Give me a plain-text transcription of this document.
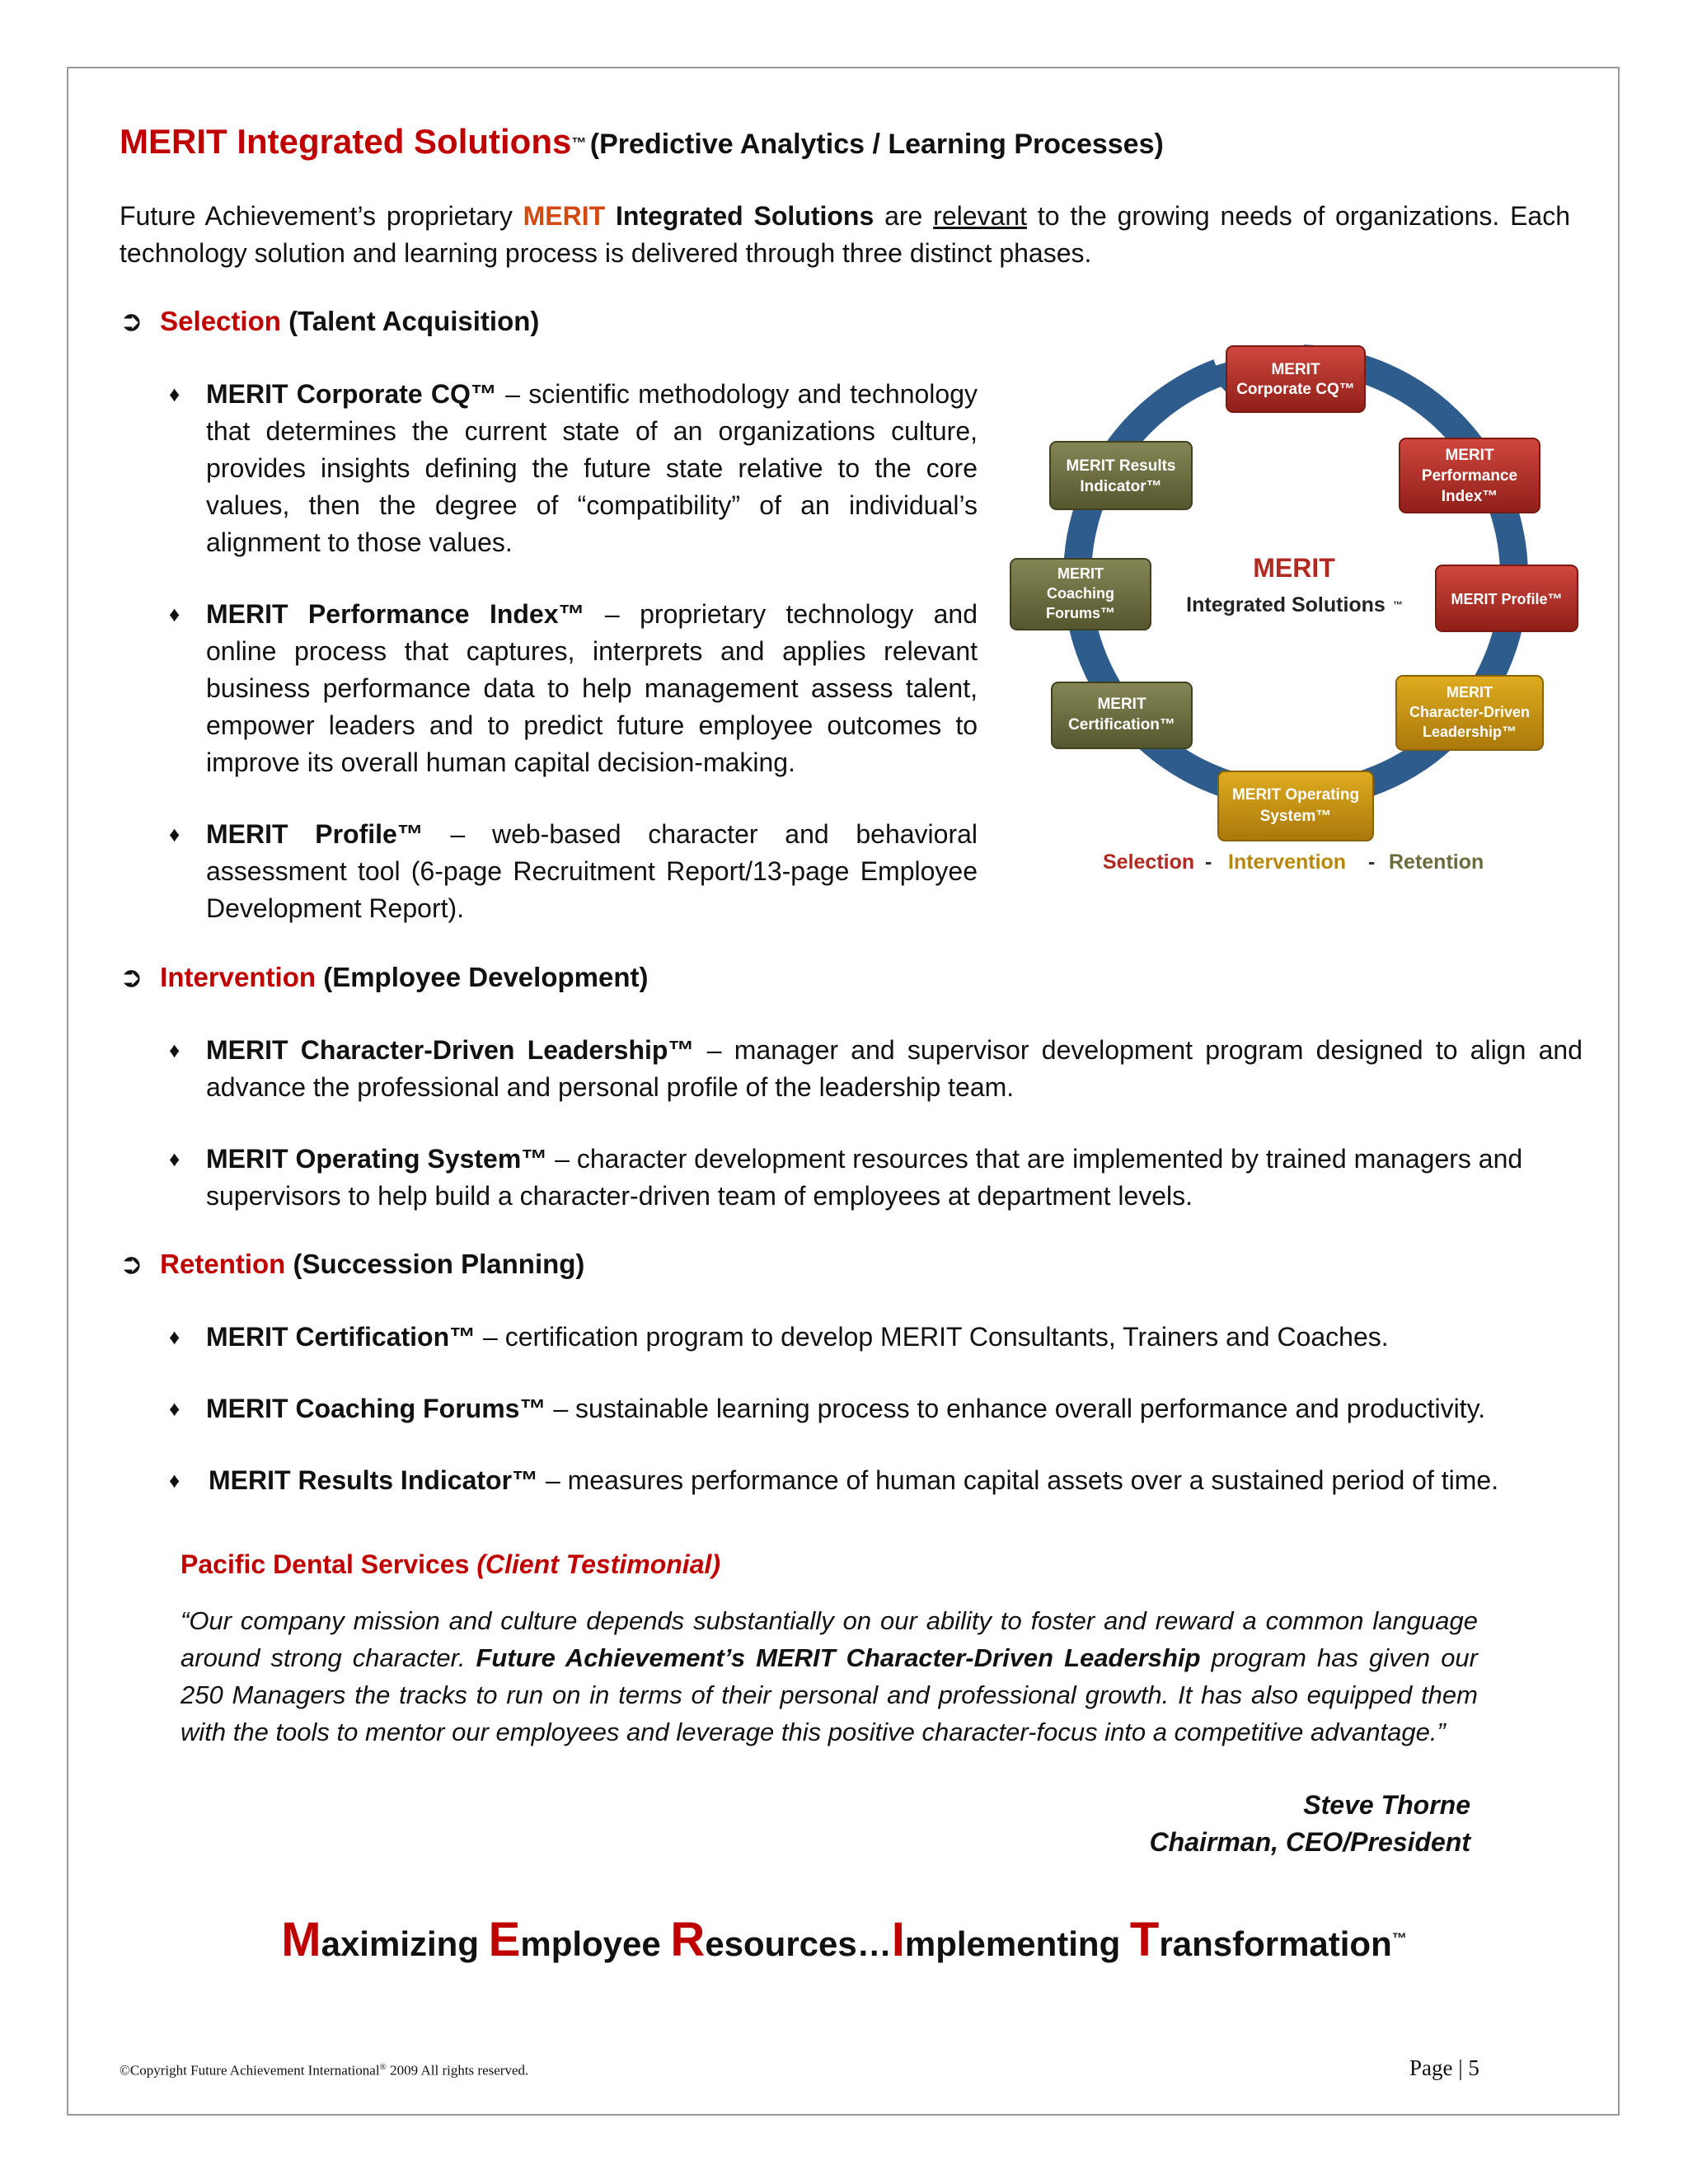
MERIT Integrated Solutions™ (Predictive Analytics / Learning Processes)
Future Achievement’s proprietary MERIT Integrated Solutions are relevant to the growing needs of organizations. Each technology solution and learning process is delivered through three distinct phases.
➲ Selection (Talent Acquisition)
♦ MERIT Corporate CQ™ – scientific methodology and technology that determines the current state of an organizations culture, provides insights defining the future state relative to the core values, then the degree of “compatibility” of an individual’s alignment to those values.
♦ MERIT Performance Index™ – proprietary technology and online process that captures, interprets and applies relevant business performance data to help management assess talent, empower leaders and to predict future employee outcomes to improve its overall human capital decision-making.
♦ MERIT Profile™ – web-based character and behavioral assessment tool (6-page Recruitment Report/13-page Employee Development Report).
MERIT
Integrated Solutions ™
MERIT
Corporate CQ™
MERIT
Performance
Index™
MERIT Profile™
MERIT
Character-Driven
Leadership™
MERIT Operating
System™
MERIT
Certification™
MERIT
Coaching
Forums™
MERIT Results
Indicator™
Selection - Intervention - Retention
➲ Intervention (Employee Development)
♦ MERIT Character-Driven Leadership™ – manager and supervisor development program designed to align and advance the professional and personal profile of the leadership team.
♦ MERIT Operating System™ – character development resources that are implemented by trained managers and supervisors to help build a character-driven team of employees at department levels.
➲ Retention (Succession Planning)
♦ MERIT Certification™ – certification program to develop MERIT Consultants, Trainers and Coaches.
♦ MERIT Coaching Forums™ – sustainable learning process to enhance overall performance and productivity.
♦ MERIT Results Indicator™ – measures performance of human capital assets over a sustained period of time.
Pacific Dental Services (Client Testimonial)
“Our company mission and culture depends substantially on our ability to foster and reward a common language around strong character. Future Achievement’s MERIT Character-Driven Leadership program has given our 250 Managers the tracks to run on in terms of their personal and professional growth. It has also equipped them with the tools to mentor our employees and leverage this positive character-focus into a competitive advantage.”
Steve Thorne
Chairman, CEO/President
Maximizing Employee Resources…Implementing Transformation™
©Copyright Future Achievement International® 2009 All rights reserved.	Page | 5
